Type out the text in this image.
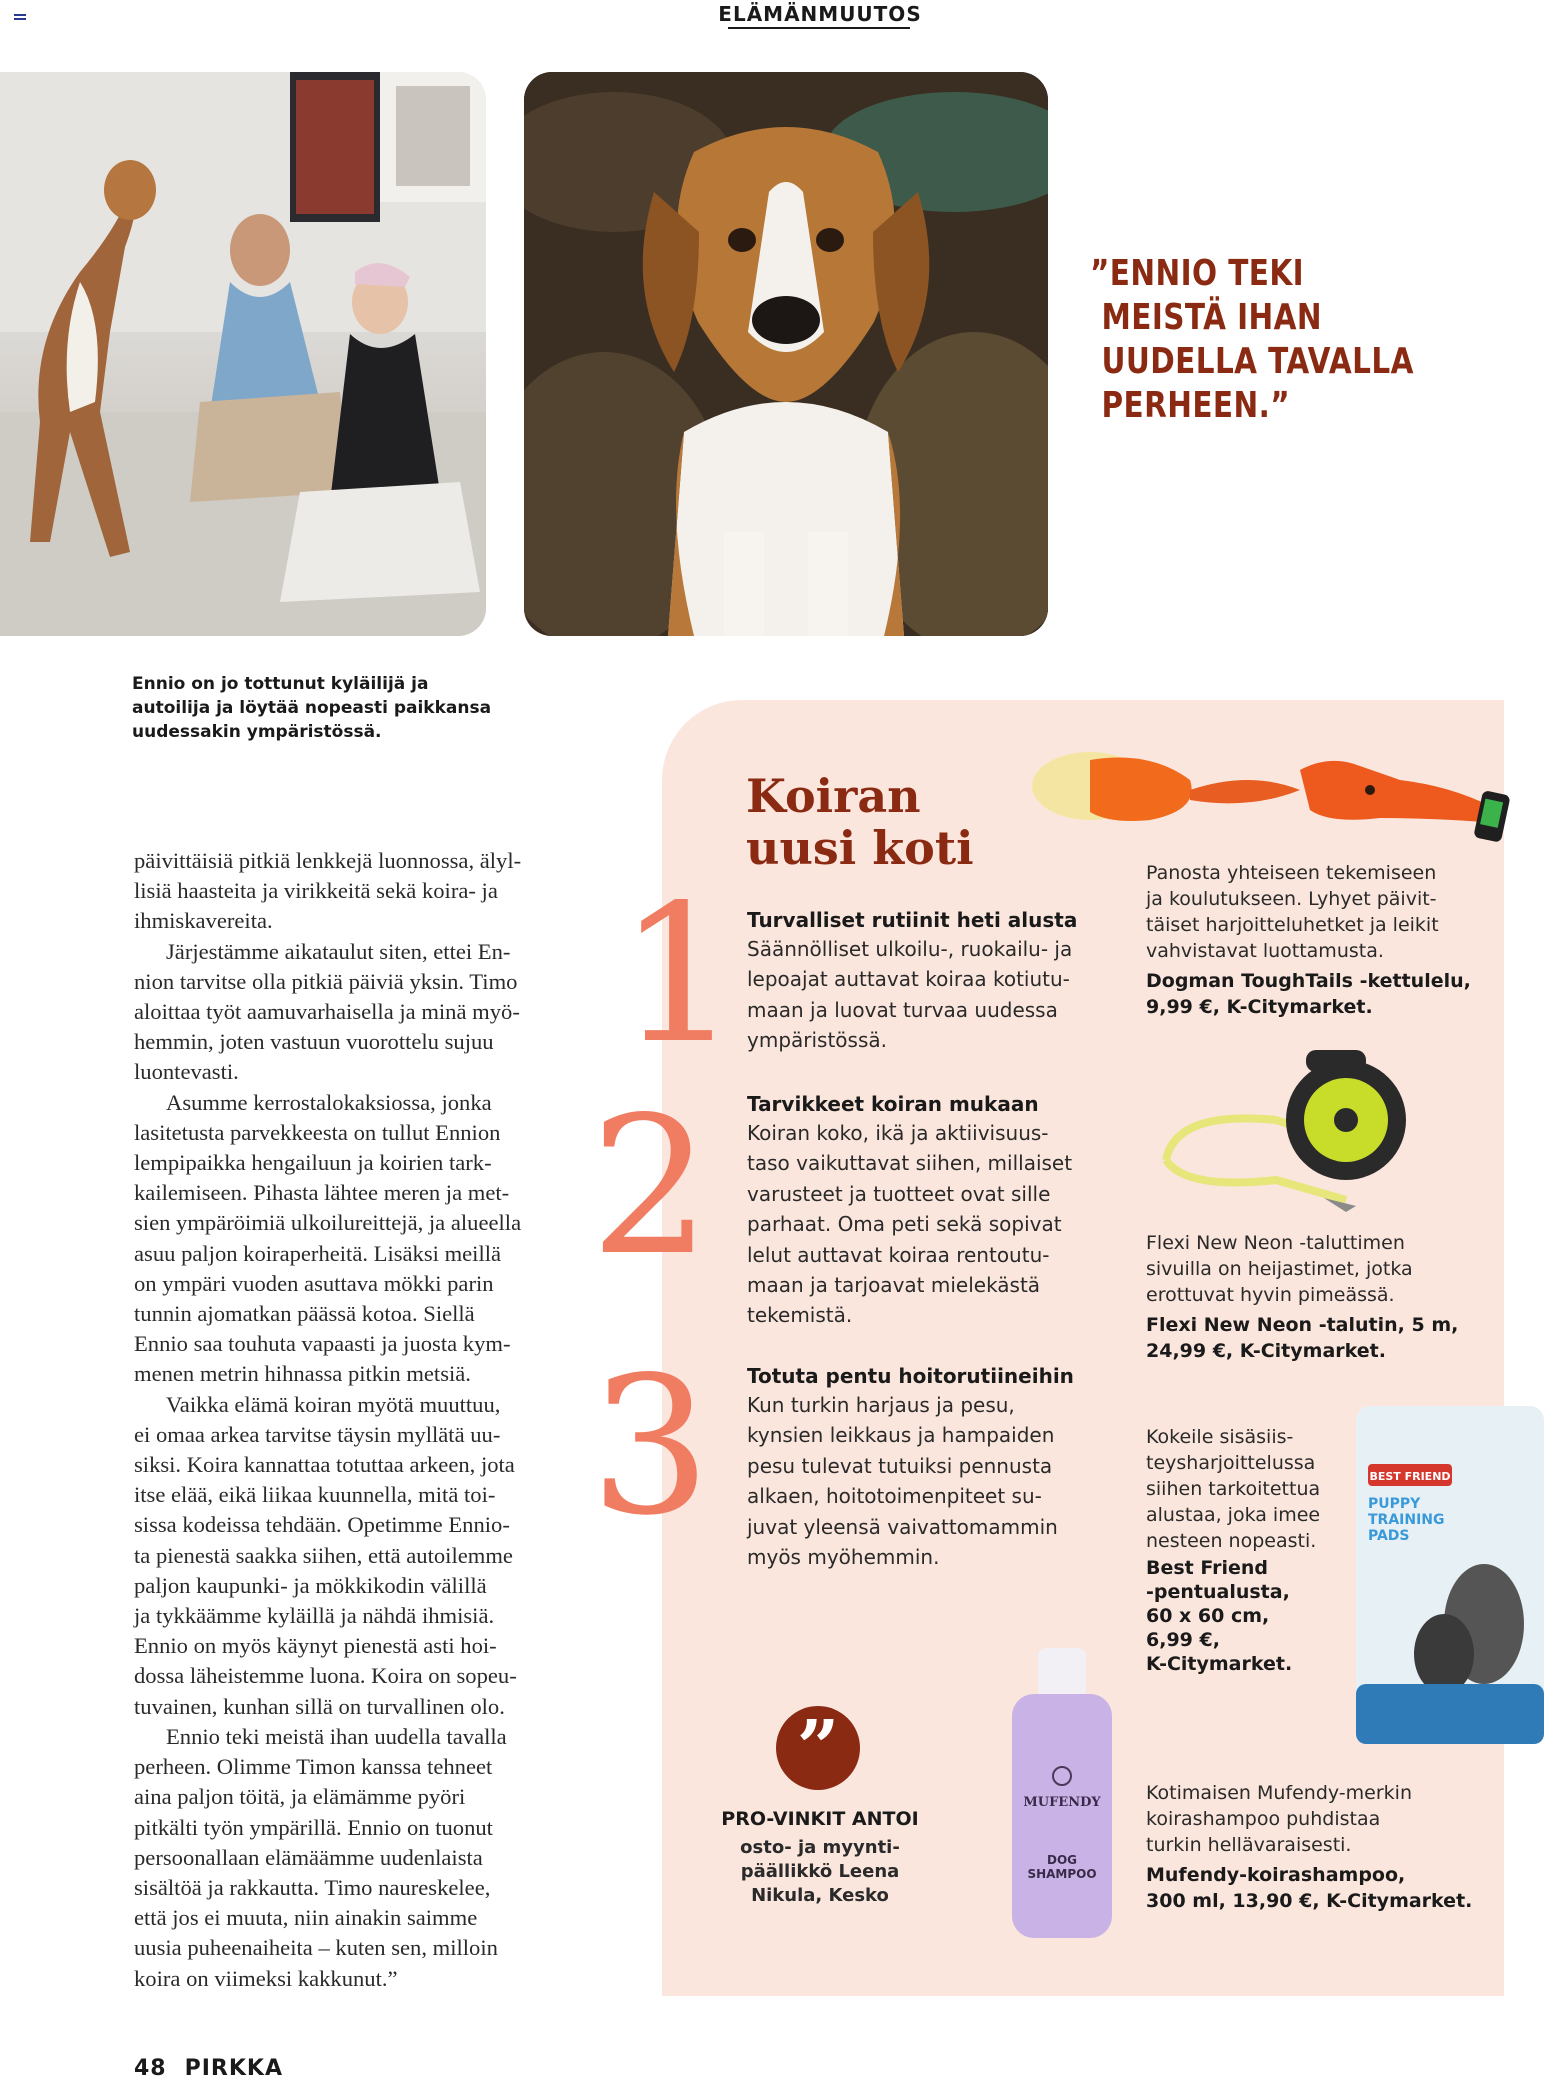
ELÄMÄNMUUTOS
”ENNIO TEKI
MEISTÄ IHAN
UUDELLA TAVALLA
PERHEEN.”
Ennio on jo tottunut kyläilijä ja
autoilija ja löytää nopeasti paikkansa
uudessakin ympäristössä.
päivittäisiä pitkiä lenkkejä luonnossa, älyl-
lisiä haasteita ja virikkeitä sekä koira- ja
ihmiskavereita.
Järjestämme aikataulut siten, ettei En-
nion tarvitse olla pitkiä päiviä yksin. Timo
aloittaa työt aamuvarhaisella ja minä myö-
hemmin, joten vastuun vuorottelu sujuu
luontevasti.
Asumme kerrostalokaksiossa, jonka
lasitetusta parvekkeesta on tullut Ennion
lempipaikka hengailuun ja koirien tark-
kailemiseen. Pihasta lähtee meren ja met-
sien ympäröimiä ulkoilureittejä, ja alueella
asuu paljon koiraperheitä. Lisäksi meillä
on ympäri vuoden asuttava mökki parin
tunnin ajomatkan päässä kotoa. Siellä
Ennio saa touhuta vapaasti ja juosta kym-
menen metrin hihnassa pitkin metsiä.
Vaikka elämä koiran myötä muuttuu,
ei omaa arkea tarvitse täysin myllätä uu-
siksi. Koira kannattaa totuttaa arkeen, jota
itse elää, eikä liikaa kuunnella, mitä toi-
sissa kodeissa tehdään. Opetimme Ennio-
ta pienestä saakka siihen, että autoilemme
paljon kaupunki- ja mökkikodin välillä
ja tykkäämme kyläillä ja nähdä ihmisiä.
Ennio on myös käynyt pienestä asti hoi-
dossa läheistemme luona. Koira on sopeu-
tuvainen, kunhan sillä on turvallinen olo.
Ennio teki meistä ihan uudella tavalla
perheen. Olimme Timon kanssa tehneet
aina paljon töitä, ja elämämme pyöri
pitkälti työn ympärillä. Ennio on tuonut
persoonallaan elämäämme uudenlaista
sisältöä ja rakkautta. Timo naureskelee,
että jos ei muuta, niin ainakin saimme
uusia puheenaiheita – kuten sen, milloin
koira on viimeksi kakkunut.”
Koiran
uusi koti
1
2
3
Turvalliset rutiinit heti alusta
Säännölliset ulkoilu-, ruokailu- ja
lepoajat auttavat koiraa kotiutu-
maan ja luovat turvaa uudessa
ympäristössä.
Tarvikkeet koiran mukaan
Koiran koko, ikä ja aktiivisuus-
taso vaikuttavat siihen, millaiset
varusteet ja tuotteet ovat sille
parhaat. Oma peti sekä sopivat
lelut auttavat koiraa rentoutu-
maan ja tarjoavat mielekästä
tekemistä.
Totuta pentu hoitorutiineihin
Kun turkin harjaus ja pesu,
kynsien leikkaus ja hampaiden
pesu tulevat tutuiksi pennusta
alkaen, hoitotoimenpiteet su-
juvat yleensä vaivattomammin
myös myöhemmin.
”
PRO-VINKIT ANTOI
osto- ja myynti-
päällikkö Leena
Nikula, Kesko
BEST FRIEND
PUPPY
TRAINING
PADS
MUFENDY
DOG
SHAMPOO
Panosta yhteiseen tekemiseen
ja koulutukseen. Lyhyet päivit-
täiset harjoitteluhetket ja leikit
vahvistavat luottamusta.
Dogman ToughTails -kettulelu,
9,99 €, K-Citymarket.
Flexi New Neon -taluttimen
sivuilla on heijastimet, jotka
erottuvat hyvin pimeässä.
Flexi New Neon -talutin, 5 m,
24,99 €, K-Citymarket.
Kokeile sisäsiis-
teysharjoittelussa
siihen tarkoitettua
alustaa, joka imee
nesteen nopeasti.
Best Friend
-pentualusta,
60 x 60 cm,
6,99 €,
K-Citymarket.
Kotimaisen Mufendy-merkin
koirashampoo puhdistaa
turkin hellävaraisesti.
Mufendy-koirashampoo,
300 ml, 13,90 €, K-Citymarket.
48 PIRKKA
